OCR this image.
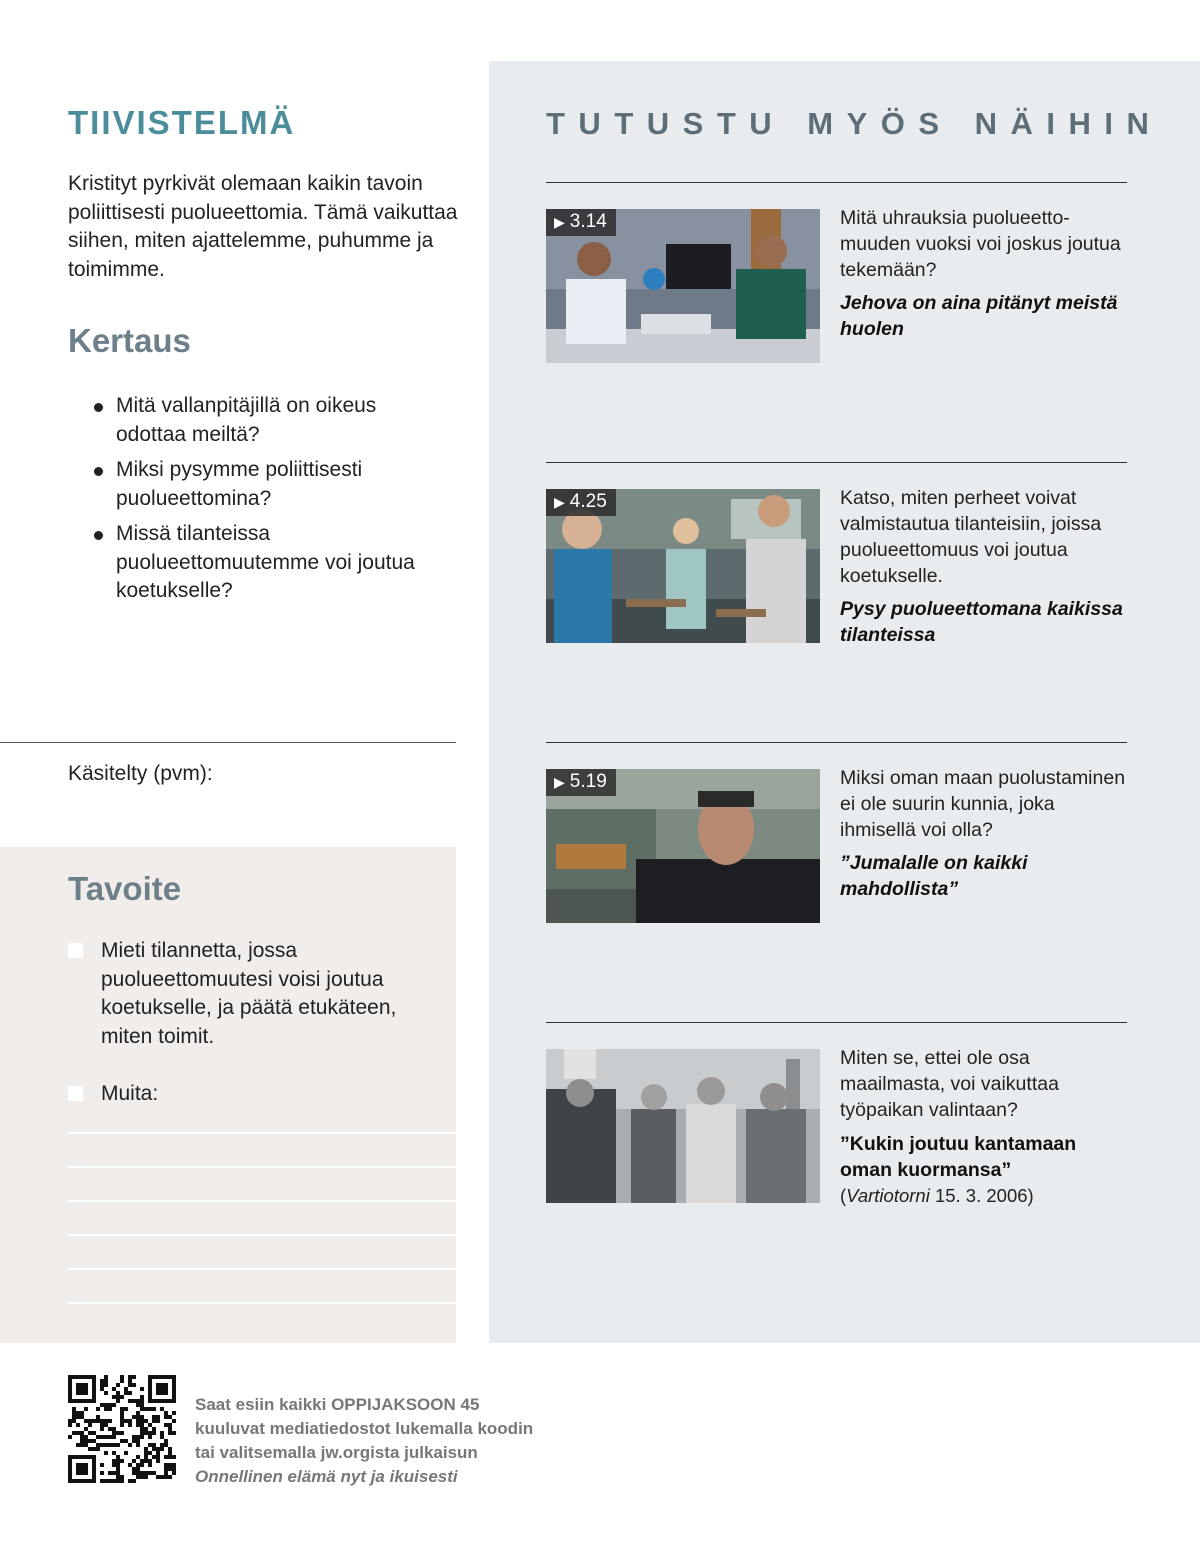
TIIVISTELMÄ

Kristityt pyrkivät olemaan kaikin tavoin poliittisesti puolueettomia. Tämä vaikuttaa siihen, miten ajattelemme, puhumme ja toimimme.

Kertaus
Mitä vallanpitäjillä on oikeus odottaa meiltä?
Miksi pysymme poliittisesti puolueettomina?
Missä tilanteissa puolueettomuutemme voi joutua koetukselle?
Käsitelty (pvm):
Tavoite
Mieti tilannetta, jossa puolueettomuutesi voisi joutua koetukselle, ja päätä etukäteen, miten toimit.
Muita:
TUTUSTU MYÖS NÄIHIN
▶ 3.14	Mitä uhrauksia puolueetto-muuden vuoksi voi joskus joutua tekemään?
Jehova on aina pitänyt meistä huolen
▶ 4.25	Katso, miten perheet voivat valmistautua tilanteisiin, joissa puolueettomuus voi joutua koetukselle.
Pysy puolueettomana kaikissa tilanteissa
▶ 5.19	Miksi oman maan puolustaminen ei ole suurin kunnia, joka ihmisellä voi olla?
”Jumalalle on kaikki mahdollista”
Miten se, ettei ole osa maailmasta, voi vaikuttaa työpaikan valintaan?
”Kukin joutuu kantamaan oman kuormansa”
(Vartiotorni 15. 3. 2006)
Saat esiin kaikki OPPIJAKSOON 45
kuuluvat mediatiedostot lukemalla koodin
tai valitsemalla jw.orgista julkaisun
Onnellinen elämä nyt ja ikuisesti
